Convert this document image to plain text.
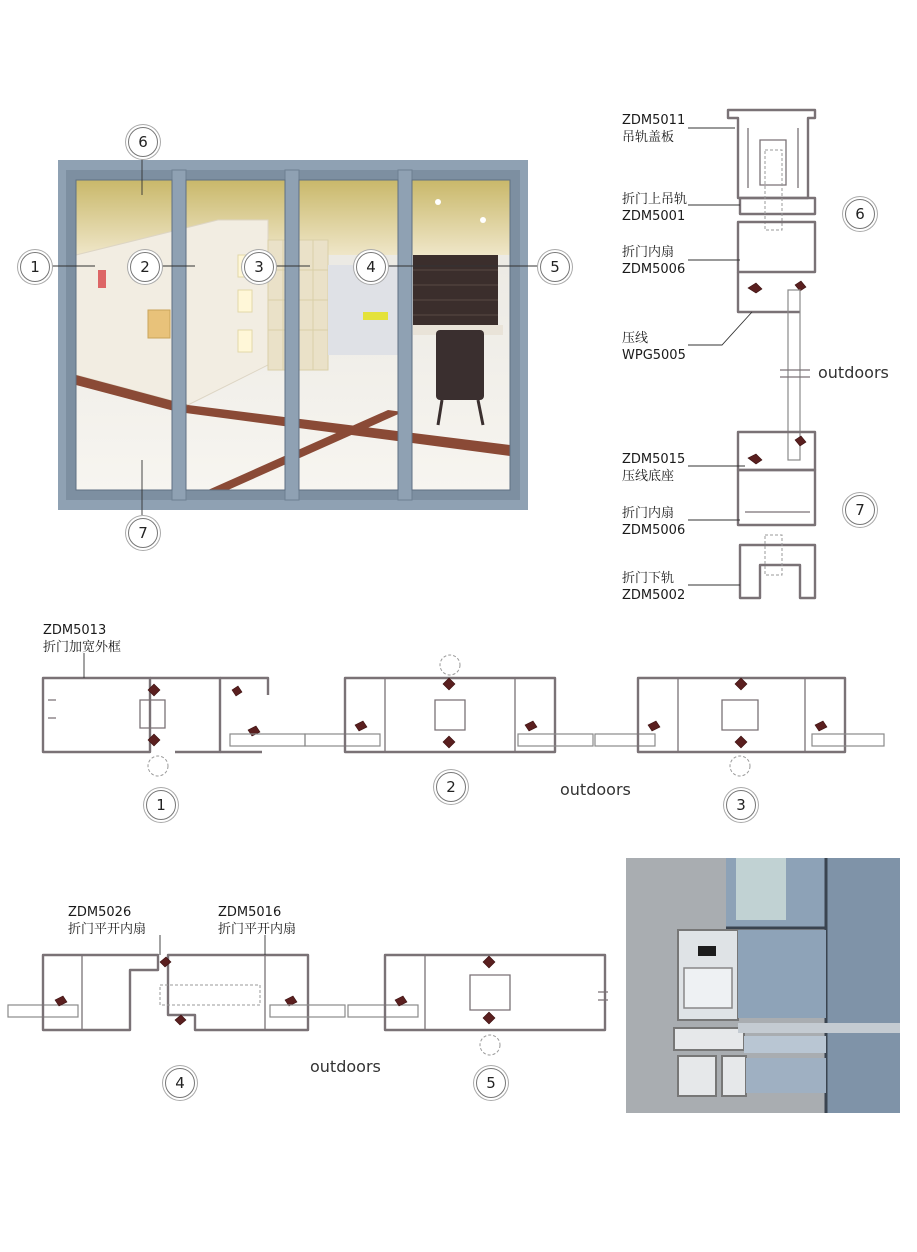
6
1	2	3	4	5
7
ZDM5011
吊轨盖板
折门上吊轨
ZDM5001
折门内扇
ZDM5006
压线
WPG5005
outdoors
ZDM5015
压线底座
折门内扇
ZDM5006
折门下轨
ZDM5002
6
7
ZDM5013
折门加宽外框
outdoors
1
2
3
ZDM5026
折门平开内扇
ZDM5016
折门平开内扇
outdoors
4	5
